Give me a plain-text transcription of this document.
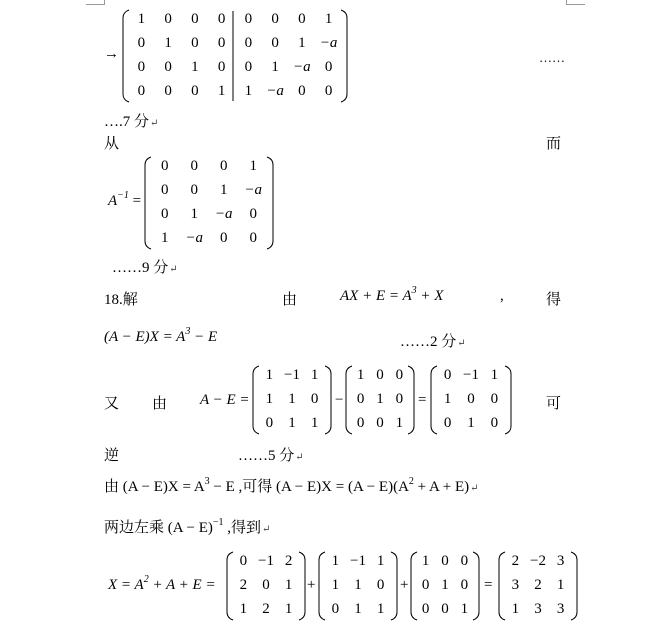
→
1	0	0	0	0	0	0	1
0	1	0	0	0	0	1 −a
0	0	1	0	0	1 −a 0
0	0	0	1	1 −a 0	0
……
….7 分↵
从	而
$A^{-1}$ =
0	0	0	1
0	0	1	−a
0	1	−a	0
1	−a	0	0
……9 分↵
18.解	由	AX + $E = A^3 + X$	,	得
$(A - E)X = A^3 - E$	……2 分↵
又 由 A − E =
1 −1 1
1	1	0
0	1	1
−
1 0 0
0 1 0
0 0 1
=
0 −1 1
1	0	0
0	1	0
可
逆	……5 分↵
由 $(A - E)X = A^3 - E$ ,可得 $(A - E)X = (A - E)(A^2 + A$ + E)↵
两边左乘 $(A - E)^{-1}$ ,得到↵
$X = A^2 + A + E$ =
0 −1 2
2	0	1
1	2	1
+
1 −1 1
1	1	0
0	1	1
+
1 0 0
0 1 0
0 0 1
=
2 −2 3
3	2	1
1	3	3
